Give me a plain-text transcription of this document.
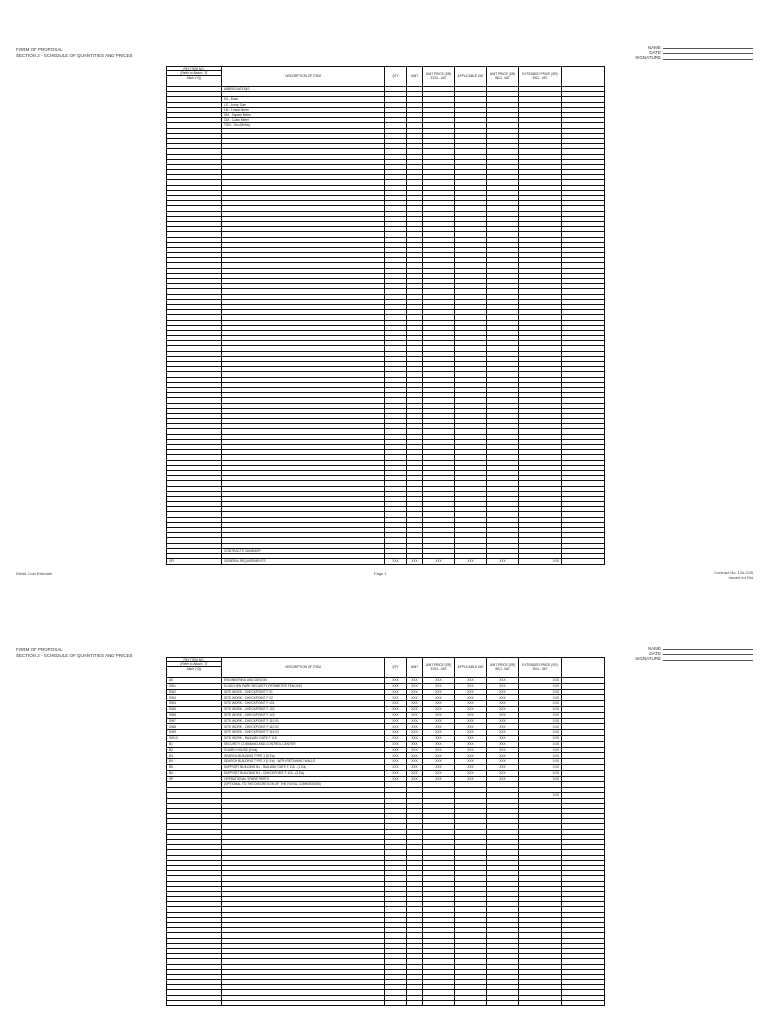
FORM OF PROPOSAL
SECTION 2 - SCHEDULE OF QUANTITIES AND PRICES
NAME
DATE
SIGNATURE
PAY ITEM NO.
(Refer to Attach. 'D'
Attch 2.0))	DESCRIPTION OF ITEM	QTY	UNIT	UNIT PRICE (SR) EXCL. VAT	APPLICABLE VAT	UNIT PRICE (SR) INCL. VAT	EXTENDED PRICE (SR) INCL. VAT	
	ABBREVIATIONS							

	EA - Each							
	LS - Lump Sum							
	LM - Lineal Meter							
	SM - Square Meter							
	CM - Cubic Meter							
	TON - Ton (Metric)							

	CONTRACTS SUMMARY							

GR	GENERAL REQUIREMENTS	XXX	XXX	XXX	XXX	XXX	0.00	
Detail Cost Estimate	Page 1	Contract No. 12#-C05
Issued for Bid
FORM OF PROPOSAL
SECTION 2 - SCHEDULE OF QUANTITIES AND PRICES
NAME
DATE
SIGNATURE
PAY ITEM NO.
(Refer to Attach. 'D'
Attch 2.0))	DESCRIPTION OF ITEM	QTY	UNIT	UNIT PRICE (SR) EXCL. VAT	APPLICABLE VAT	UNIT PRICE (SR) INCL. VAT	EXTENDED PRICE (SR) INCL. VAT	
AE	ENGINEERING AND DESIGN	XXX	XXX	XXX	XXX	XXX	0.00	
SW1	KLASCHEN PARK SECURITY PERIMETER FENCING	XXX	XXX	XXX	XXX	XXX	0.00	
SW2	SITE WORK - CHECKPOINT F 01	XXX	XXX	XXX	XXX	XXX	0.00	
SW3	SITE WORK - CHECKPOINT F 02	XXX	XXX	XXX	XXX	XXX	0.00	
SW4	SITE WORK - CHECKPOINT F 101	XXX	XXX	XXX	XXX	XXX	0.00	
SW5	SITE WORK - CHECKPOINT F 102	XXX	XXX	XXX	XXX	XXX	0.00	
SW6	SITE WORK - CHECKPOINT F 103	XXX	XXX	XXX	XXX	XXX	0.00	
SW7	SITE WORK - CHECKPOINT F 110 01	XXX	XXX	XXX	XXX	XXX	0.00	
SW8	SITE WORK - CHECKPOINT F 110 02	XXX	XXX	XXX	XXX	XXX	0.00	
SW9	SITE WORK - CHECKPOINT F 115 02	XXX	XXX	XXX	XXX	XXX	0.00	
SW10	SITE WORK - RAILWAY GATE F 115	XXX	XXX	XXX	XXX	XXX	0.00	
B1	SECURITY COMMAND AND CONTROL CENTER	XXX	XXX	XXX	XXX	XXX	0.00	
B2	GUARD HOUSE (9 Ea)	XXX	XXX	XXX	XXX	XXX	0.00	
B3	SEARCH BUILDING TYPE 1 (6 Ea)	XXX	XXX	XXX	XXX	XXX	0.00	
B4	SEARCH BUILDING TYPE 2 (1 Ea) - WITH RETAINING WALLS	XXX	XXX	XXX	XXX	XXX	0.00	
B5	SUPPORT BUILDING B1 - RAILWAY GATE F 115 - (1 Ea)	XXX	XXX	XXX	XXX	XXX	0.00	
B6	SUPPORT BUILDING B1 - CHECKPOINT F 115 - (3 Ea)	XXX	XXX	XXX	XXX	XXX	0.00	
SP	OPERATIONAL SPARE PARTS	XXX	XXX	XXX	XXX	XXX	0.00	
	(OPTIONAL TO THE DISCRETION OF THE ROYAL COMMISSION)							

							0.00	
